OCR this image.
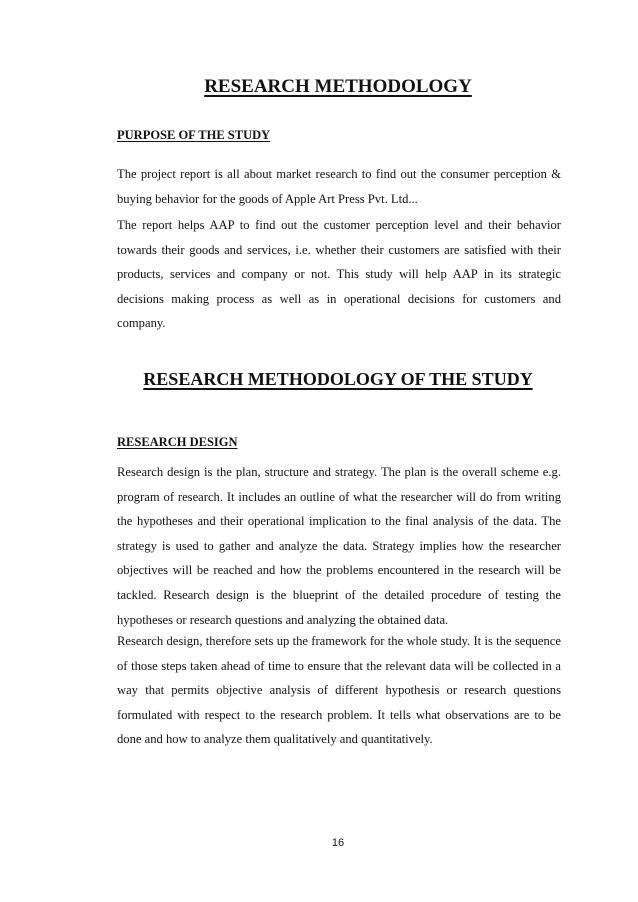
RESEARCH METHODOLOGY
PURPOSE OF THE STUDY

The project report is all about market research to find out the consumer perception & buying behavior for the goods of Apple Art Press Pvt. Ltd...

The report helps AAP to find out the customer perception level and their behavior towards their goods and services, i.e. whether their customers are satisfied with their products, services and company or not. This study will help AAP in its strategic decisions making process as well as in operational decisions for customers and company.

RESEARCH METHODOLOGY OF THE STUDY
RESEARCH DESIGN

Research design is the plan, structure and strategy. The plan is the overall scheme e.g. program of research. It includes an outline of what the researcher will do from writing the hypotheses and their operational implication to the final analysis of the data. The strategy is used to gather and analyze the data. Strategy implies how the researcher objectives will be reached and how the problems encountered in the research will be tackled. Research design is the blueprint of the detailed procedure of testing the hypotheses or research questions and analyzing the obtained data.

Research design, therefore sets up the framework for the whole study. It is the sequence of those steps taken ahead of time to ensure that the relevant data will be collected in a way that permits objective analysis of different hypothesis or research questions formulated with respect to the research problem. It tells what observations are to be done and how to analyze them qualitatively and quantitatively.

16
